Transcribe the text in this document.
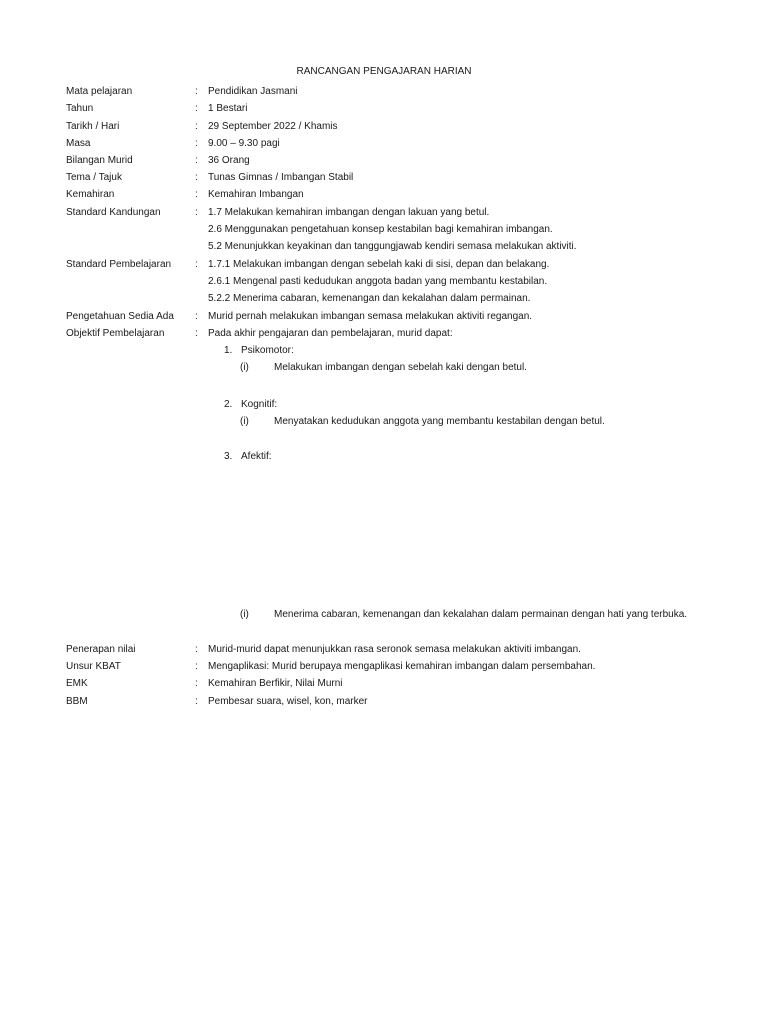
RANCANGAN PENGAJARAN HARIAN
Mata pelajaran	: Pendidikan Jasmani
Tahun	: 1 Bestari
Tarikh / Hari	: 29 September 2022 / Khamis
Masa	: 9.00 – 9.30 pagi
Bilangan Murid	: 36 Orang
Tema / Tajuk	: Tunas Gimnas / Imbangan Stabil
Kemahiran	: Kemahiran Imbangan
Standard Kandungan	: 1.7 Melakukan kemahiran imbangan dengan lakuan yang betul.
2.6 Menggunakan pengetahuan konsep kestabilan bagi kemahiran imbangan.
5.2 Menunjukkan keyakinan dan tanggungjawab kendiri semasa melakukan aktiviti.
Standard Pembelajaran : 1.7.1 Melakukan imbangan dengan sebelah kaki di sisi, depan dan belakang.
2.6.1 Mengenal pasti kedudukan anggota badan yang membantu kestabilan.
5.2.2 Menerima cabaran, kemenangan dan kekalahan dalam permainan.
Pengetahuan Sedia Ada : Murid pernah melakukan imbangan semasa melakukan aktiviti regangan.
Objektif Pembelajaran	: Pada akhir pengajaran dan pembelajaran, murid dapat:
1. Psikomotor:
(i)	Melakukan imbangan dengan sebelah kaki dengan betul.
2. Kognitif:
(i)	Menyatakan kedudukan anggota yang membantu kestabilan dengan betul.
3. Afektif:
(i)	Menerima cabaran, kemenangan dan kekalahan dalam permainan dengan hati yang terbuka.
Penerapan nilai	: Murid-murid dapat menunjukkan rasa seronok semasa melakukan aktiviti imbangan.
Unsur KBAT	: Mengaplikasi: Murid berupaya mengaplikasi kemahiran imbangan dalam persembahan.
EMK	: Kemahiran Berfikir, Nilai Murni
BBM	: Pembesar suara, wisel, kon, marker
